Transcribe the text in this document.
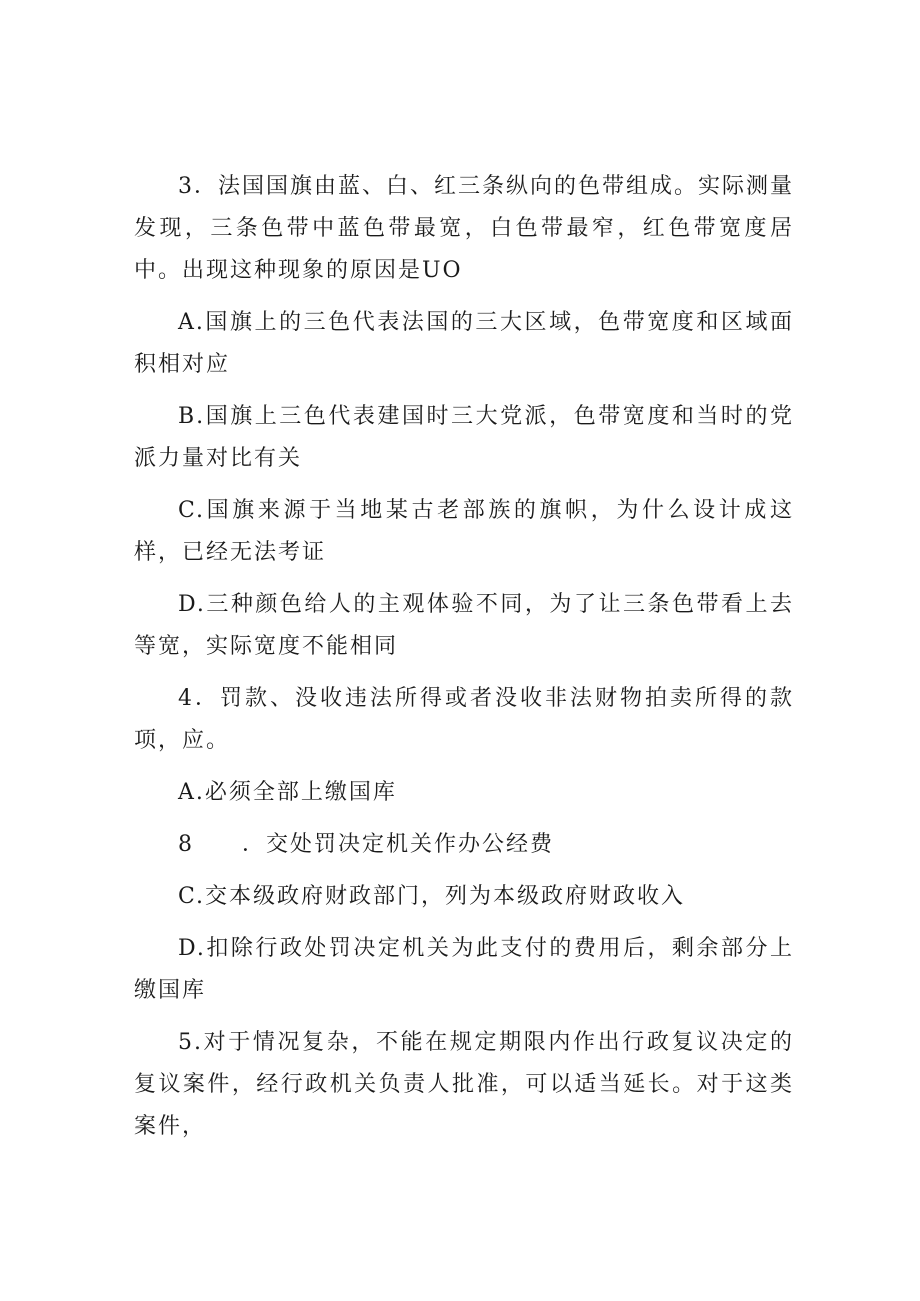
3．法国国旗由蓝、白、红三条纵向的色带组成。实际测量发现，三条色带中蓝色带最宽，白色带最窄，红色带宽度居中。出现这种现象的原因是UO

A.国旗上的三色代表法国的三大区域，色带宽度和区域面积相对应

B.国旗上三色代表建国时三大党派，色带宽度和当时的党派力量对比有关

C.国旗来源于当地某古老部族的旗帜，为什么设计成这样，已经无法考证

D.三种颜色给人的主观体验不同，为了让三条色带看上去等宽，实际宽度不能相同

4．罚款、没收违法所得或者没收非法财物拍卖所得的款项，应。

A.必须全部上缴国库

8 ．交处罚决定机关作办公经费

C.交本级政府财政部门，列为本级政府财政收入

D.扣除行政处罚决定机关为此支付的费用后，剩余部分上缴国库

5.对于情况复杂，不能在规定期限内作出行政复议决定的复议案件，经行政机关负责人批准，可以适当延长。对于这类案件，
